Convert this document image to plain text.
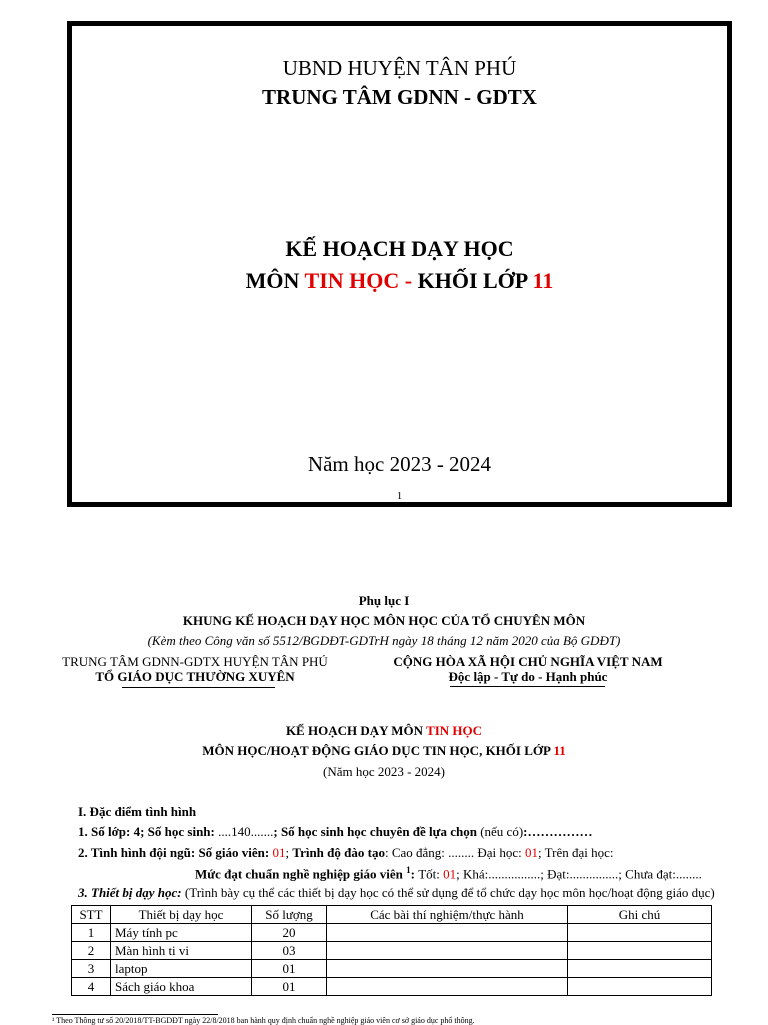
UBND HUYỆN TÂN PHÚ
TRUNG TÂM GDNN - GDTX
KẾ HOẠCH DẠY HỌC
MÔN TIN HỌC - KHỐI LỚP 11
Năm học 2023 - 2024
1
Phụ lục I
KHUNG KẾ HOẠCH DẠY HỌC MÔN HỌC CỦA TỔ CHUYÊN MÔN
(Kèm theo Công văn số 5512/BGDĐT-GDTrH ngày 18 tháng 12 năm 2020 của Bộ GDĐT)
TRUNG TÂM GDNN-GDTX HUYỆN TÂN PHÚ
TỔ GIÁO DỤC THƯỜNG XUYÊN
CỘNG HÒA XÃ HỘI CHỦ NGHĨA VIỆT NAM
Độc lập - Tự do - Hạnh phúc
KẾ HOẠCH DẠY MÔN TIN HỌC
MÔN HỌC/HOẠT ĐỘNG GIÁO DỤC TIN HỌC, KHỐI LỚP 11
(Năm học 2023 - 2024)
I. Đặc điểm tình hình
1. Số lớp: 4; Số học sinh: ....140.......; Số học sinh học chuyên đề lựa chọn (nếu có):……………
2. Tình hình đội ngũ: Số giáo viên: 01; Trình độ đào tạo: Cao đẳng: ........ Đại học: 01; Trên đại học:
Mức đạt chuẩn nghề nghiệp giáo viên $^1$: Tốt: 01; Khá:................; Đạt:...............; Chưa đạt:........
3. Thiết bị dạy học: (Trình bày cụ thể các thiết bị dạy học có thể sử dụng để tổ chức dạy học môn học/hoạt động giáo dục)
STT	Thiết bị dạy học	Số lượng	Các bài thí nghiệm/thực hành	Ghi chú
1	Máy tính pc	20		
2	Màn hình ti vi	03		
3	laptop	01		
4	Sách giáo khoa	01		
¹ Theo Thông tư số 20/2018/TT-BGDĐT ngày 22/8/2018 ban hành quy định chuẩn nghề nghiệp giáo viên cơ sở giáo dục phổ thông.
